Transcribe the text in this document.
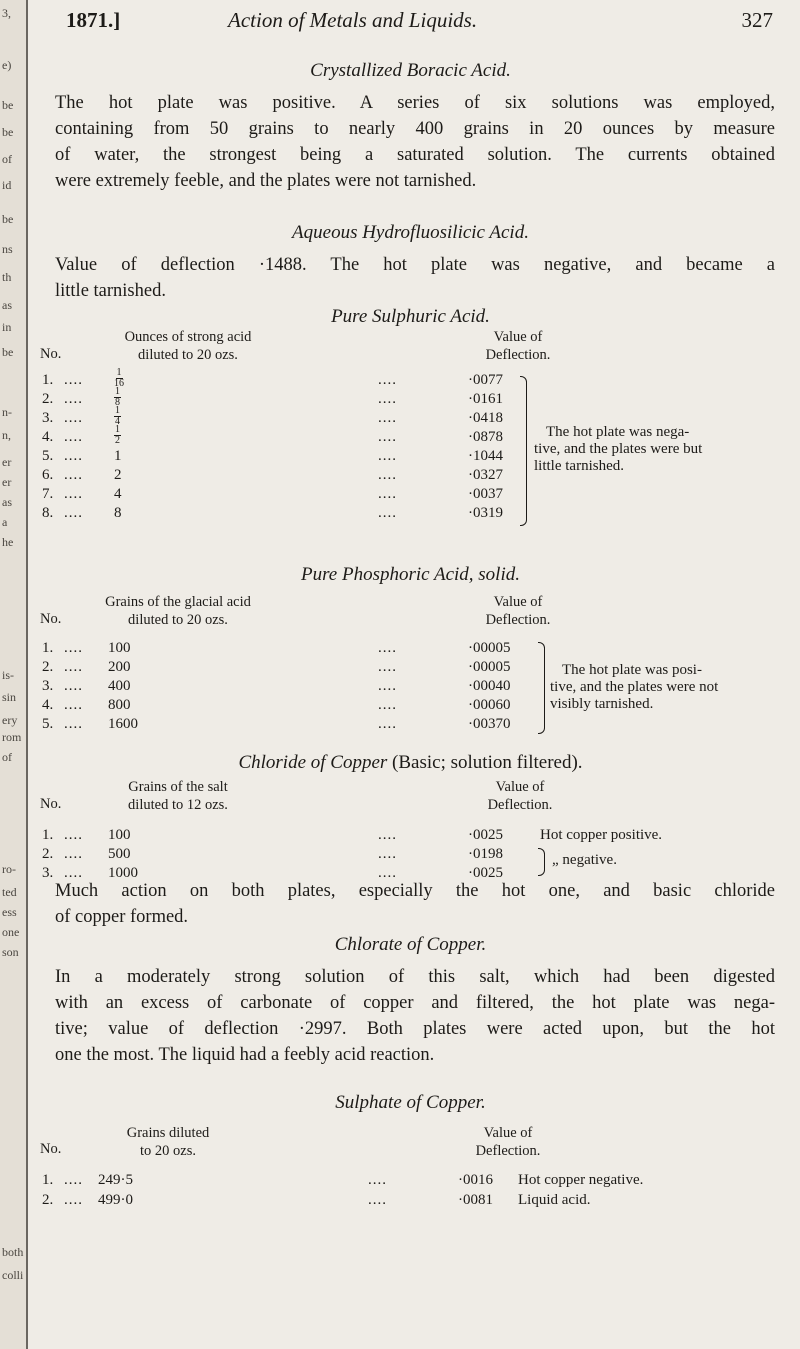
3,
e)
be
be
of
id
be
ns
th
as
in
be
n-
n,
er
er
as
a
he
is-
sin
ery
rom
of
ro-
ted
ess
one
son
both
colli
1871.]	Action of Metals and Liquids.	327
Crystallized Boracic Acid.
The hot plate was positive. A series of six solutions was employed,
containing from 50 grains to nearly 400 grains in 20 ounces by measure
of water, the strongest being a saturated solution. The currents obtained
were extremely feeble, and the plates were not tarnished.
Aqueous Hydrofluosilicic Acid.
Value of deflection ·1488. The hot plate was negative, and became a
little tarnished.
Pure Sulphuric Acid.
No.
Ounces of strong acid
diluted to 20 ozs.
Value of
Deflection.
1. ....	$\frac{1}{16}$	....	·0077
2. ....	$\frac{1}{8}$	....	·0161
3. ....	$\frac{1}{4}$	....	·0418
4. ....	$\frac{1}{2}$	....	·0878
5. .... 1	....	·1044
6. .... 2	....	·0327
7. .... 4	....	·0037
8. .... 8	....	·0319
The hot plate was nega-
tive, and the plates were but
little tarnished.
Pure Phosphoric Acid, solid.
No.
Grains of the glacial acid
diluted to 20 ozs.
Value of
Deflection.
1. .... 100	....	·00005
2. .... 200	....	·00005
3. .... 400	....	·00040
4. .... 800	....	·00060
5. .... 1600	....	·00370
The hot plate was posi-
tive, and the plates were not
visibly tarnished.
Chloride of Copper (Basic; solution filtered).
No.
Grains of the salt
diluted to 12 ozs.
Value of
Deflection.
1. .... 100	....	·0025 Hot copper positive.
2. .... 500	....	·0198
3. .... 1000	....	·0025
„ negative.
Much action on both plates, especially the hot one, and basic chloride
of copper formed.
Chlorate of Copper.
In a moderately strong solution of this salt, which had been digested
with an excess of carbonate of copper and filtered, the hot plate was nega-
tive; value of deflection ·2997. Both plates were acted upon, but the hot
one the most. The liquid had a feebly acid reaction.
Sulphate of Copper.
No.
Grains diluted
to 20 ozs.
Value of
Deflection.
1. .... 249·5	....	·0016 Hot copper negative.
2. .... 499·0	....	·0081 Liquid acid.
